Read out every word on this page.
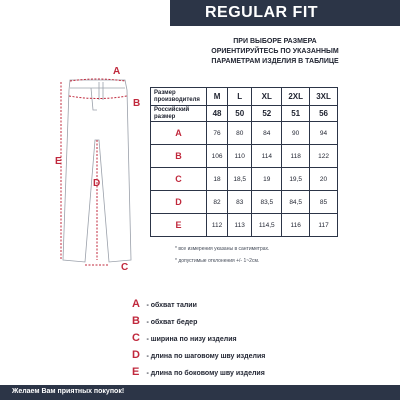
REGULAR FIT
ПРИ ВЫБОРЕ РАЗМЕРА
ОРИЕНТИРУЙТЕСЬ ПО УКАЗАННЫМ
ПАРАМЕТРАМ ИЗДЕЛИЯ В ТАБЛИЦЕ
A
B
C
D
E
Размер производителя	M	L	XL	2XL	3XL
Российский размер	48	50	52	51	56
A	76	80	84	90	94
B	106	110	114	118	122
C	18	18,5	19	19,5	20
D	82	83	83,5	84,5	85
E	112	113	114,5	116	117
* все измерения указаны в сантиметрах.
* допустимые отклонения +/- 1~2см.
A - обхват талии
B - обхват бедер
C - ширина по низу изделия
D - длина по шаговому шву изделия
E - длина по боковому шву изделия
Желаем Вам приятных покупок!
